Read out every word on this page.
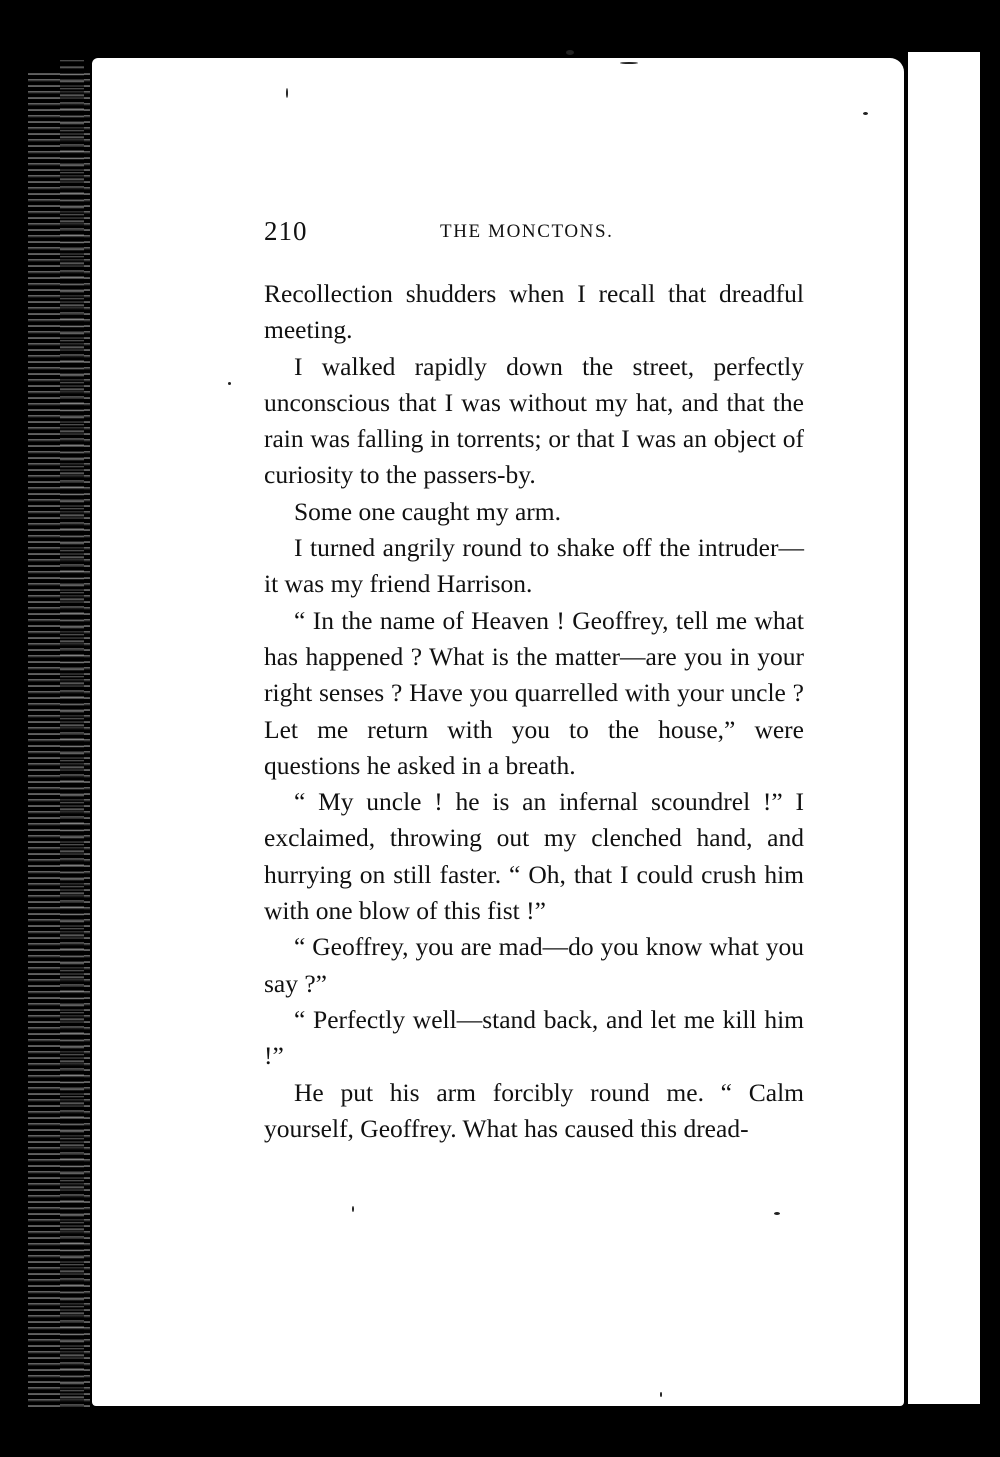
210	THE MONCTONS.

Recollection shudders when I recall that dreadful meeting.

I walked rapidly down the street, perfectly unconscious that I was without my hat, and that the rain was falling in torrents; or that I was an object of curiosity to the passers-by.

Some one caught my arm.

I turned angrily round to shake off the intruder—it was my friend Harrison.

“ In the name of Heaven ! Geoffrey, tell me what has happened ? What is the matter—are you in your right senses ? Have you quarrelled with your uncle ? Let me return with you to the house,” were questions he asked in a breath.

“ My uncle ! he is an infernal scoundrel !” I exclaimed, throwing out my clenched hand, and hurrying on still faster. “ Oh, that I could crush him with one blow of this fist !”

“ Geoffrey, you are mad—do you know what you say ?”

“ Perfectly well—stand back, and let me kill him !”

He put his arm forcibly round me. “ Calm yourself, Geoffrey. What has caused this dread-
